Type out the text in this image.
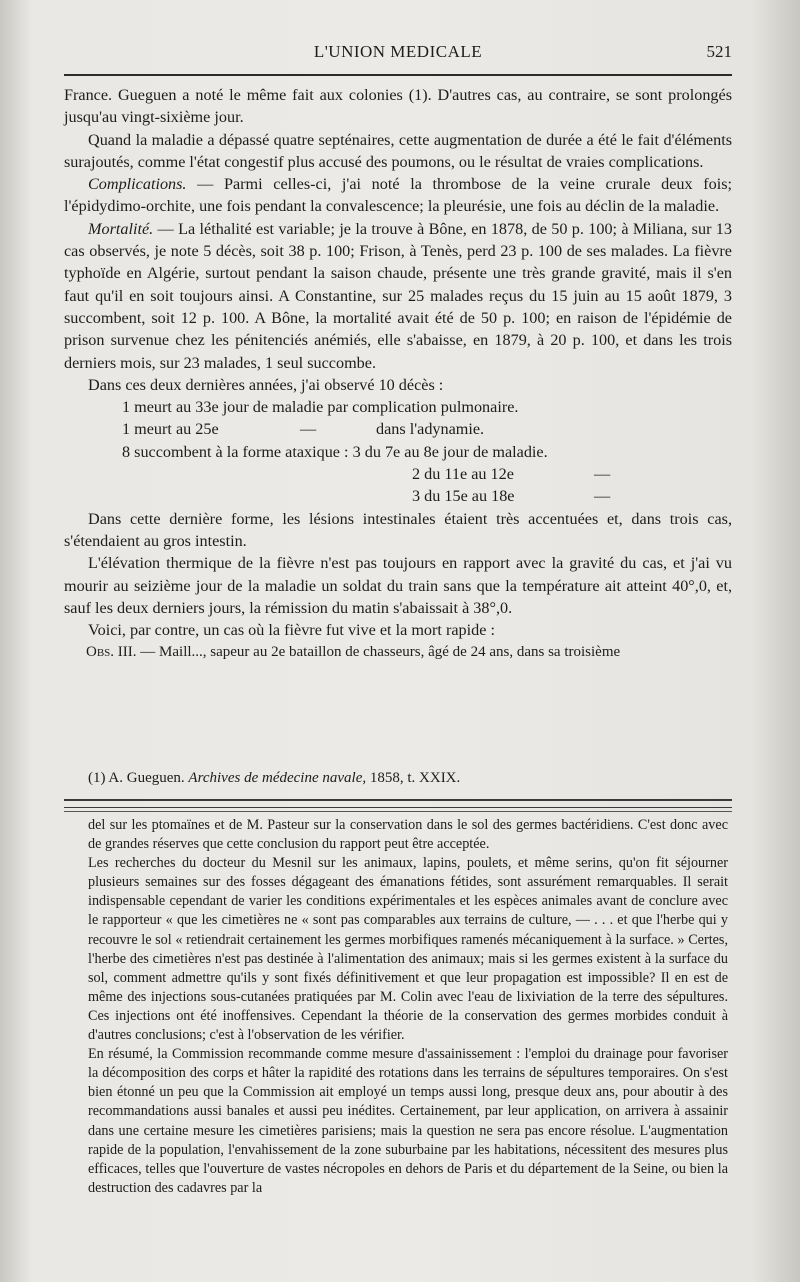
L'UNION MEDICALE	521

France. Gueguen a noté le même fait aux colonies (1). D'autres cas, au contraire, se sont prolongés jusqu'au vingt-sixième jour.

Quand la maladie a dépassé quatre septénaires, cette augmentation de durée a été le fait d'éléments surajoutés, comme l'état congestif plus accusé des poumons, ou le résultat de vraies complications.

Complications. — Parmi celles-ci, j'ai noté la thrombose de la veine crurale deux fois; l'épidydimo-orchite, une fois pendant la convalescence; la pleurésie, une fois au déclin de la maladie.

Mortalité. — La léthalité est variable; je la trouve à Bône, en 1878, de 50 p. 100; à Miliana, sur 13 cas observés, je note 5 décès, soit 38 p. 100; Frison, à Tenès, perd 23 p. 100 de ses malades. La fièvre typhoïde en Algérie, surtout pendant la saison chaude, présente une très grande gravité, mais il s'en faut qu'il en soit toujours ainsi. A Constantine, sur 25 malades reçus du 15 juin au 15 août 1879, 3 succombent, soit 12 p. 100. A Bône, la mortalité avait été de 50 p. 100; en raison de l'épidémie de prison survenue chez les pénitenciés anémiés, elle s'abaisse, en 1879, à 20 p. 100, et dans les trois derniers mois, sur 23 malades, 1 seul succombe.

Dans ces deux dernières années, j'ai observé 10 décès :

1 meurt au 33e jour de maladie par complication pulmonaire.
1 meurt au 25e	—	dans l'adynamie.
8 succombent à la forme ataxique : 3 du 7e au 8e jour de maladie.
2 du 11e au 12e	—
3 du 15e au 18e	—

Dans cette dernière forme, les lésions intestinales étaient très accentuées et, dans trois cas, s'étendaient au gros intestin.

L'élévation thermique de la fièvre n'est pas toujours en rapport avec la gravité du cas, et j'ai vu mourir au seizième jour de la maladie un soldat du train sans que la température ait atteint 40°,0, et, sauf les deux derniers jours, la rémission du matin s'abaissait à 38°,0.

Voici, par contre, un cas où la fièvre fut vive et la mort rapide :

Obs. III. — Maill..., sapeur au 2e bataillon de chasseurs, âgé de 24 ans, dans sa troisième

(1) A. Gueguen. Archives de médecine navale, 1858, t. XXIX.

del sur les ptomaïnes et de M. Pasteur sur la conservation dans le sol des germes bactéridiens. C'est donc avec de grandes réserves que cette conclusion du rapport peut être acceptée.

Les recherches du docteur du Mesnil sur les animaux, lapins, poulets, et même serins, qu'on fit séjourner plusieurs semaines sur des fosses dégageant des émanations fétides, sont assurément remarquables. Il serait indispensable cependant de varier les conditions expérimentales et les espèces animales avant de conclure avec le rapporteur « que les cimetières ne « sont pas comparables aux terrains de culture, — . . . et que l'herbe qui y recouvre le sol « retiendrait certainement les germes morbifiques ramenés mécaniquement à la surface. » Certes, l'herbe des cimetières n'est pas destinée à l'alimentation des animaux; mais si les germes existent à la surface du sol, comment admettre qu'ils y sont fixés définitivement et que leur propagation est impossible? Il en est de même des injections sous-cutanées pratiquées par M. Colin avec l'eau de lixiviation de la terre des sépultures. Ces injections ont été inoffensives. Cependant la théorie de la conservation des germes morbides conduit à d'autres conclusions; c'est à l'observation de les vérifier.

En résumé, la Commission recommande comme mesure d'assainissement : l'emploi du drainage pour favoriser la décomposition des corps et hâter la rapidité des rotations dans les terrains de sépultures temporaires. On s'est bien étonné un peu que la Commission ait employé un temps aussi long, presque deux ans, pour aboutir à des recommandations aussi banales et aussi peu inédites. Certainement, par leur application, on arrivera à assainir dans une certaine mesure les cimetières parisiens; mais la question ne sera pas encore résolue. L'augmentation rapide de la population, l'envahissement de la zone suburbaine par les habitations, nécessitent des mesures plus efficaces, telles que l'ouverture de vastes nécropoles en dehors de Paris et du département de la Seine, ou bien la destruction des cadavres par la
